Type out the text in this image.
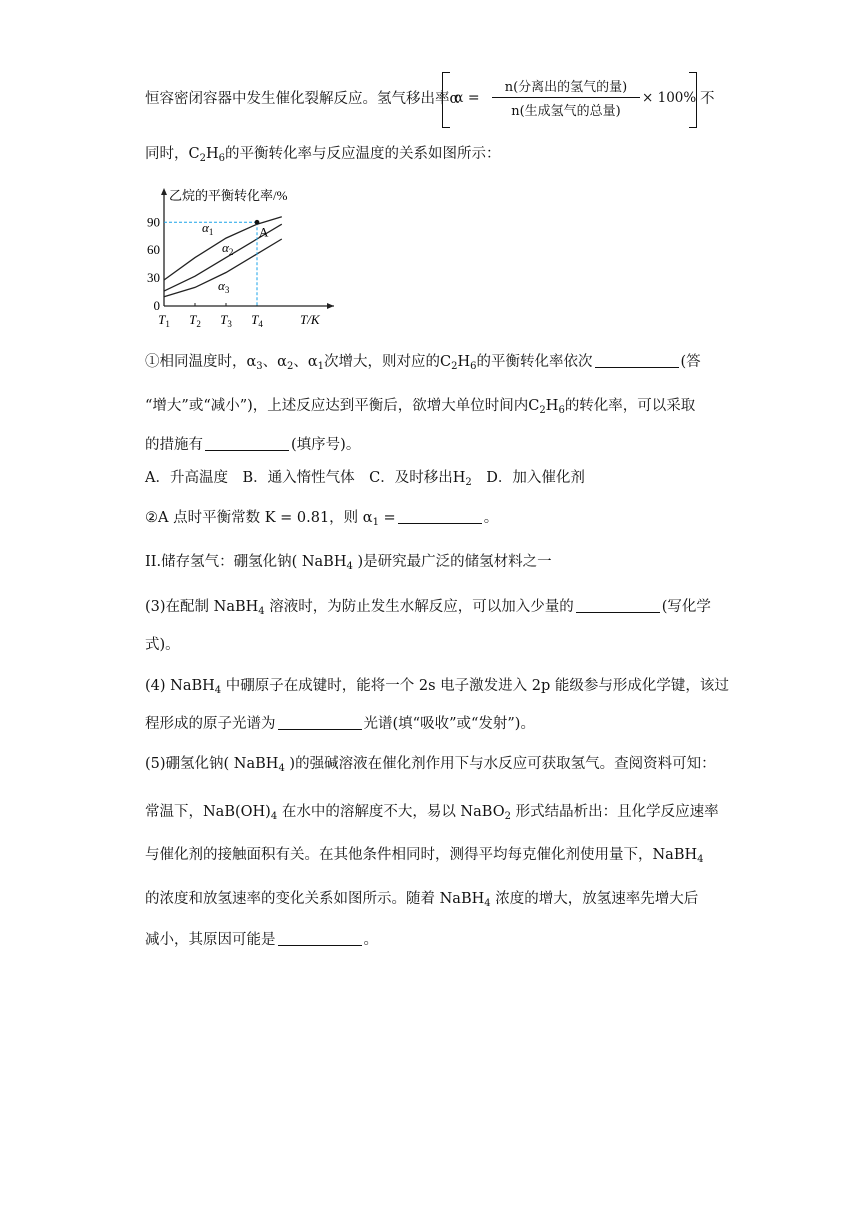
恒容密闭容器中发生催化裂解反应。氢气移出率α
α =
n(分离出的氢气的量)
n(生成氢气的总量)
× 100% 不
同时，$C_2H_6$的平衡转化率与反应温度的关系如图所示：
乙烷的平衡转化率/%
T/K
0
30
60
90
$T_1$ $T_2$ $T_3$ $T_4$
$\alpha_1$
$\alpha_2$
$\alpha_3$
A
①相同温度时，$\alpha_3$、$\alpha_2$、$\alpha_1$次增大，则对应的$C_2H_6$的平衡转化率依次	(答
“增大”或“减小”)，上述反应达到平衡后，欲增大单位时间内$C_2H_6$的转化率，可以采取
的措施有	(填序号)。
A．升高温度　B．通入惰性气体　C．及时移出$H_2$　D．加入催化剂
②A 点时平衡常数 K = 0.81，则 $\alpha_1$ =	。
II.储存氢气：硼氢化钠( NaBH$_4$ )是研究最广泛的储氢材料之一
(3)在配制 NaBH$_4$ 溶液时，为防止发生水解反应，可以加入少量的	(写化学
式)。
(4) NaBH$_4$ 中硼原子在成键时，能将一个 2s 电子激发进入 2p 能级参与形成化学键，该过
程形成的原子光谱为	光谱(填“吸收”或“发射”)。
(5)硼氢化钠( NaBH$_4$ )的强碱溶液在催化剂作用下与水反应可获取氢气。查阅资料可知：
常温下，$NaB(OH)_4$ 在水中的溶解度不大，易以 NaBO$_2$ 形式结晶析出：且化学反应速率
与催化剂的接触面积有关。在其他条件相同时，测得平均每克催化剂使用量下，NaBH$_4$
的浓度和放氢速率的变化关系如图所示。随着 NaBH$_4$ 浓度的增大，放氢速率先增大后
减小，其原因可能是	。
